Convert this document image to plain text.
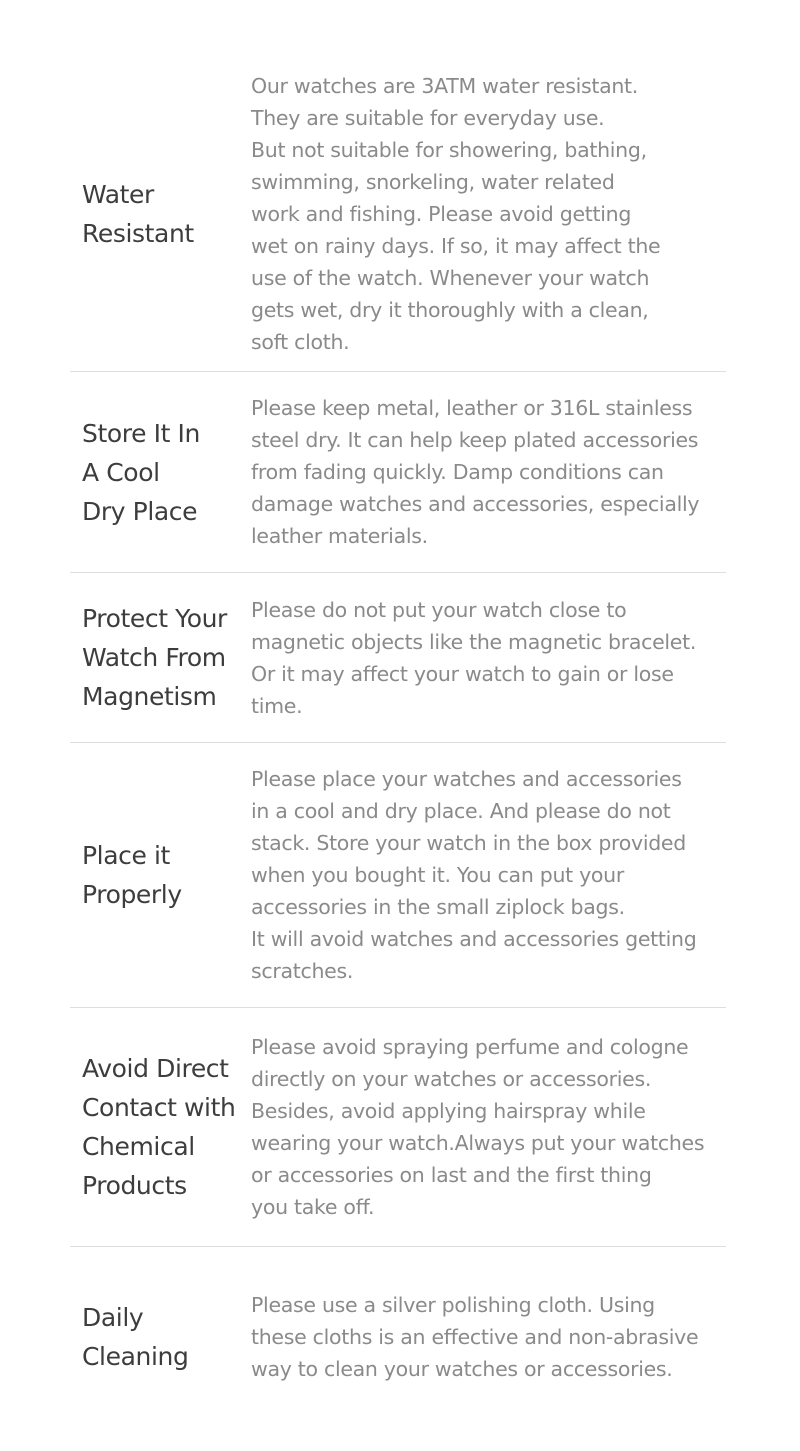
Water
Resistant
Our watches are 3ATM water resistant.
They are suitable for everyday use.
But not suitable for showering, bathing,
swimming, snorkeling, water related
work and fishing. Please avoid getting
wet on rainy days. If so, it may affect the
use of the watch. Whenever your watch
gets wet, dry it thoroughly with a clean,
soft cloth.
Store It In
A Cool
Dry Place
Please keep metal, leather or 316L stainless
steel dry. It can help keep plated accessories
from fading quickly. Damp conditions can
damage watches and accessories, especially
leather materials.
Protect Your
Watch From
Magnetism
Please do not put your watch close to
magnetic objects like the magnetic bracelet.
Or it may affect your watch to gain or lose
time.
Place it
Properly
Please place your watches and accessories
in a cool and dry place. And please do not
stack. Store your watch in the box provided
when you bought it. You can put your
accessories in the small ziplock bags.
It will avoid watches and accessories getting
scratches.
Avoid Direct
Contact with
Chemical
Products
Please avoid spraying perfume and cologne
directly on your watches or accessories.
Besides, avoid applying hairspray while
wearing your watch.Always put your watches
or accessories on last and the first thing
you take off.
Daily
Cleaning
Please use a silver polishing cloth. Using
these cloths is an effective and non-abrasive
way to clean your watches or accessories.
